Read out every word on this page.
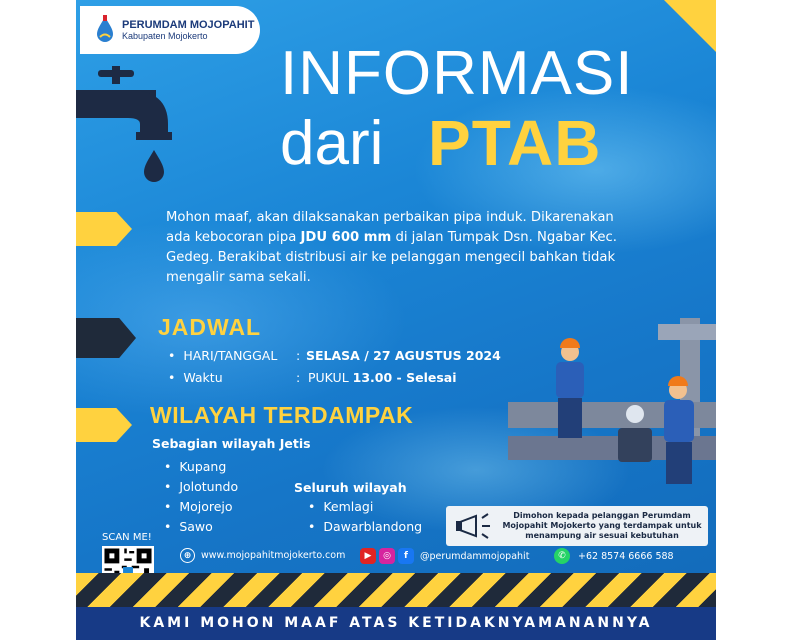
PERUMDAM MOJOPAHIT
Kabupaten Mojokerto
INFORMASI
dari PTAB
Mohon maaf, akan dilaksanakan perbaikan pipa induk. Dikarenakan ada kebocoran pipa JDU 600 mm di jalan Tumpak Dsn. Ngabar Kec. Gedeg. Berakibat distribusi air ke pelanggan mengecil bahkan tidak mengalir sama sekali.
JADWAL
•  HARI/TANGGAL : SELASA / 27 AGUSTUS 2024
•  Waktu	: PUKUL 13.00 - Selesai
WILAYAH TERDAMPAK
Sebagian wilayah Jetis
•  Kupang
•  Jolotundo
•  Mojorejo
•  Sawo
Seluruh wilayah
•  Kemlagi
•  Dawarblandong
Dimohon kepada pelanggan Perumdam Mojopahit Mojokerto yang terdampak untuk menampung air sesuai kebutuhan
SCAN ME!
⊕	www.mojopahitmojokerto.com	▶	◎	f	@perumdammojopahit	✆	+62 8574 6666 588
KAMI MOHON MAAF ATAS KETIDAKNYAMANANNYA
